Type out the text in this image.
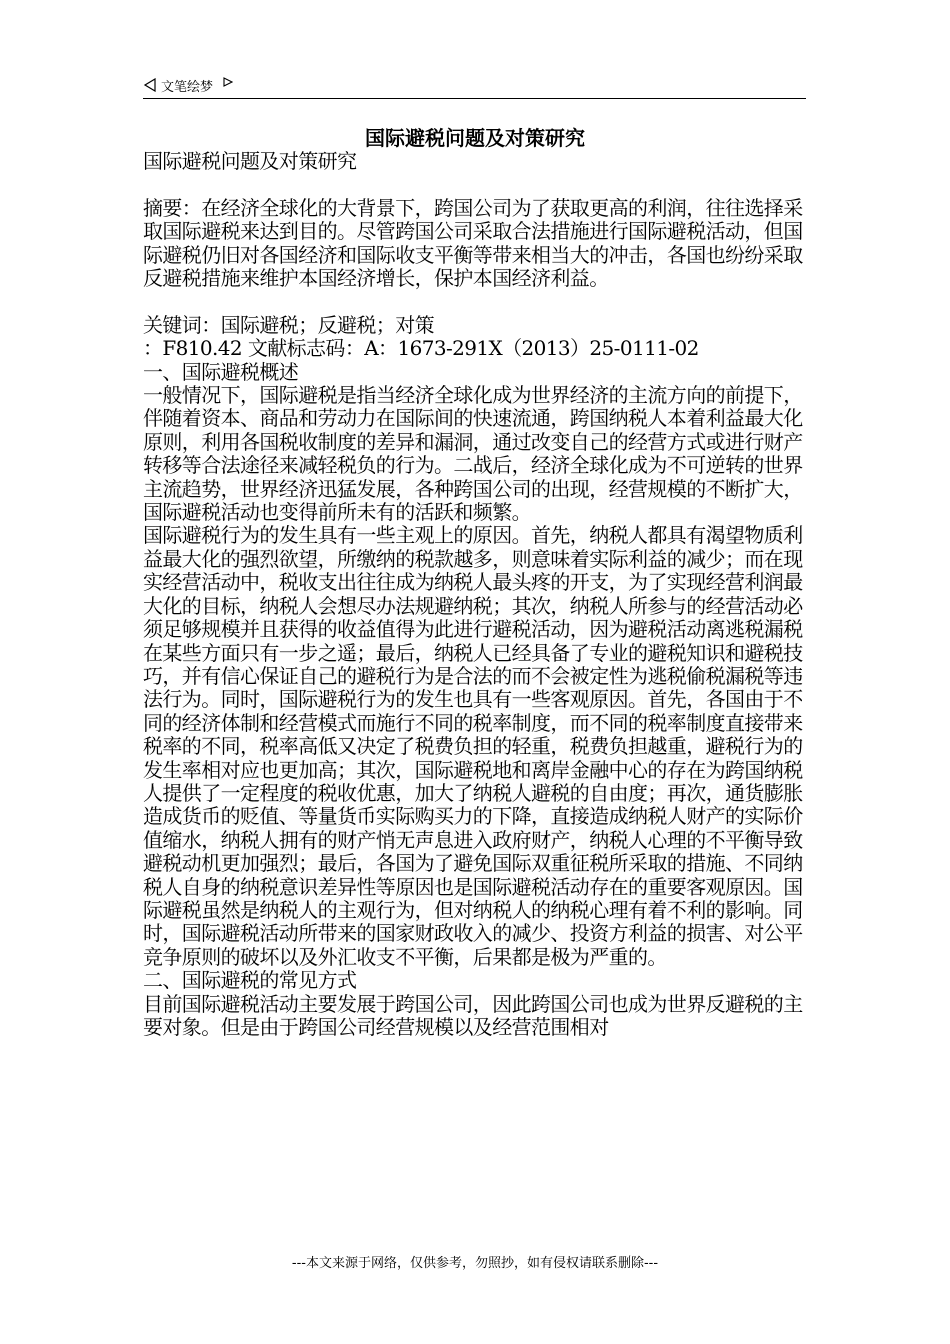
文笔绘梦
国际避税问题及对策研究

国际避税问题及对策研究

摘要：在经济全球化的大背景下，跨国公司为了获取更高的利润，往往选择采取国际避税来达到目的。尽管跨国公司采取合法措施进行国际避税活动，但国际避税仍旧对各国经济和国际收支平衡等带来相当大的冲击，各国也纷纷采取反避税措施来维护本国经济增长，保护本国经济利益。

关键词：国际避税；反避税；对策

：F810.42 文献标志码：A：1673-291X（2013）25-0111-02

一、国际避税概述

一般情况下，国际避税是指当经济全球化成为世界经济的主流方向的前提下，伴随着资本、商品和劳动力在国际间的快速流通，跨国纳税人本着利益最大化原则，利用各国税收制度的差异和漏洞，通过改变自己的经营方式或进行财产转移等合法途径来减轻税负的行为。二战后，经济全球化成为不可逆转的世界主流趋势，世界经济迅猛发展，各种跨国公司的出现，经营规模的不断扩大，国际避税活动也变得前所未有的活跃和频繁。

国际避税行为的发生具有一些主观上的原因。首先，纳税人都具有渴望物质利益最大化的强烈欲望，所缴纳的税款越多，则意味着实际利益的减少；而在现实经营活动中，税收支出往往成为纳税人最头疼的开支，为了实现经营利润最大化的目标，纳税人会想尽办法规避纳税；其次，纳税人所参与的经营活动必须足够规模并且获得的收益值得为此进行避税活动，因为避税活动离逃税漏税在某些方面只有一步之遥；最后，纳税人已经具备了专业的避税知识和避税技巧，并有信心保证自己的避税行为是合法的而不会被定性为逃税偷税漏税等违法行为。同时，国际避税行为的发生也具有一些客观原因。首先，各国由于不同的经济体制和经营模式而施行不同的税率制度，而不同的税率制度直接带来税率的不同，税率高低又决定了税费负担的轻重，税费负担越重，避税行为的发生率相对应也更加高；其次，国际避税地和离岸金融中心的存在为跨国纳税人提供了一定程度的税收优惠，加大了纳税人避税的自由度；再次，通货膨胀造成货币的贬值、等量货币实际购买力的下降，直接造成纳税人财产的实际价值缩水，纳税人拥有的财产悄无声息进入政府财产，纳税人心理的不平衡导致避税动机更加强烈；最后，各国为了避免国际双重征税所采取的措施、不同纳税人自身的纳税意识差异性等原因也是国际避税活动存在的重要客观原因。国际避税虽然是纳税人的主观行为，但对纳税人的纳税心理有着不利的影响。同时，国际避税活动所带来的国家财政收入的减少、投资方利益的损害、对公平竞争原则的破坏以及外汇收支不平衡，后果都是极为严重的。

二、国际避税的常见方式

目前国际避税活动主要发展于跨国公司，因此跨国公司也成为世界反避税的主要对象。但是由于跨国公司经营规模以及经营范围相对

---本文来源于网络，仅供参考，勿照抄，如有侵权请联系删除---
